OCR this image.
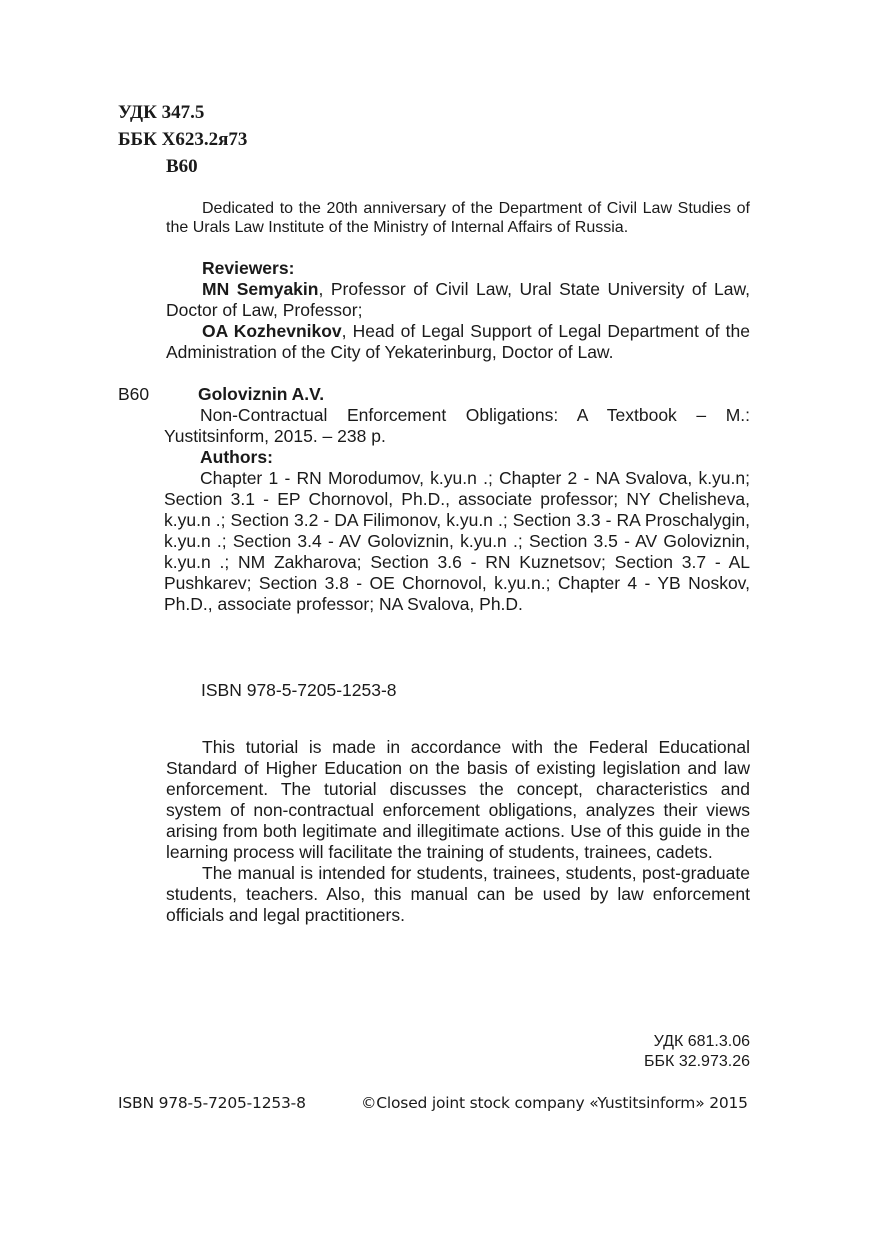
УДК 347.5
ББК Х623.2я73
В60

Dedicated to the 20th anniversary of the Department of Civil Law Studies of the Urals Law Institute of the Ministry of Internal Affairs of Russia.

Reviewers:

MN Semyakin, Professor of Civil Law, Ural State University of Law, Doctor of Law, Professor;

OA Kozhevnikov, Head of Legal Support of Legal Department of the Administration of the City of Yekaterinburg, Doctor of Law.

B60	Goloviznin A.V.

Non-Contractual Enforcement Obligations: A Textbook – M.: Yustitsinform, 2015. – 238 p.

Authors:

Chapter 1 - RN Morodumov, k.yu.n .; Chapter 2 - NA Svalova, k.yu.n; Section 3.1 - EP Chornovol, Ph.D., associate professor; NY Chelisheva, k.yu.n .; Section 3.2 - DA Filimonov, k.yu.n .; Section 3.3 - RA Proschalygin, k.yu.n .; Section 3.4 - AV Goloviznin, k.yu.n .; Section 3.5 - AV Goloviznin, k.yu.n .; NM Zakharova; Section 3.6 - RN Kuznetsov; Section 3.7 - AL Pushkarev; Section 3.8 - OE Chornovol, k.yu.n.; Chapter 4 - YB Noskov, Ph.D., associate professor; NA Svalova, Ph.D.

ISBN 978-5-7205-1253-8

This tutorial is made in accordance with the Federal Educational Standard of Higher Education on the basis of existing legislation and law enforcement. The tutorial discusses the concept, characteristics and system of non-contractual enforcement obligations, analyzes their views arising from both legitimate and illegitimate actions. Use of this guide in the learning process will facilitate the training of students, trainees, cadets.

The manual is intended for students, trainees, students, post-graduate students, teachers. Also, this manual can be used by law enforcement officials and legal practitioners.

УДК 681.3.06
ББК 32.973.26
ISBN 978-5-7205-1253-8	©Closed joint stock company «Yustitsinform» 2015
